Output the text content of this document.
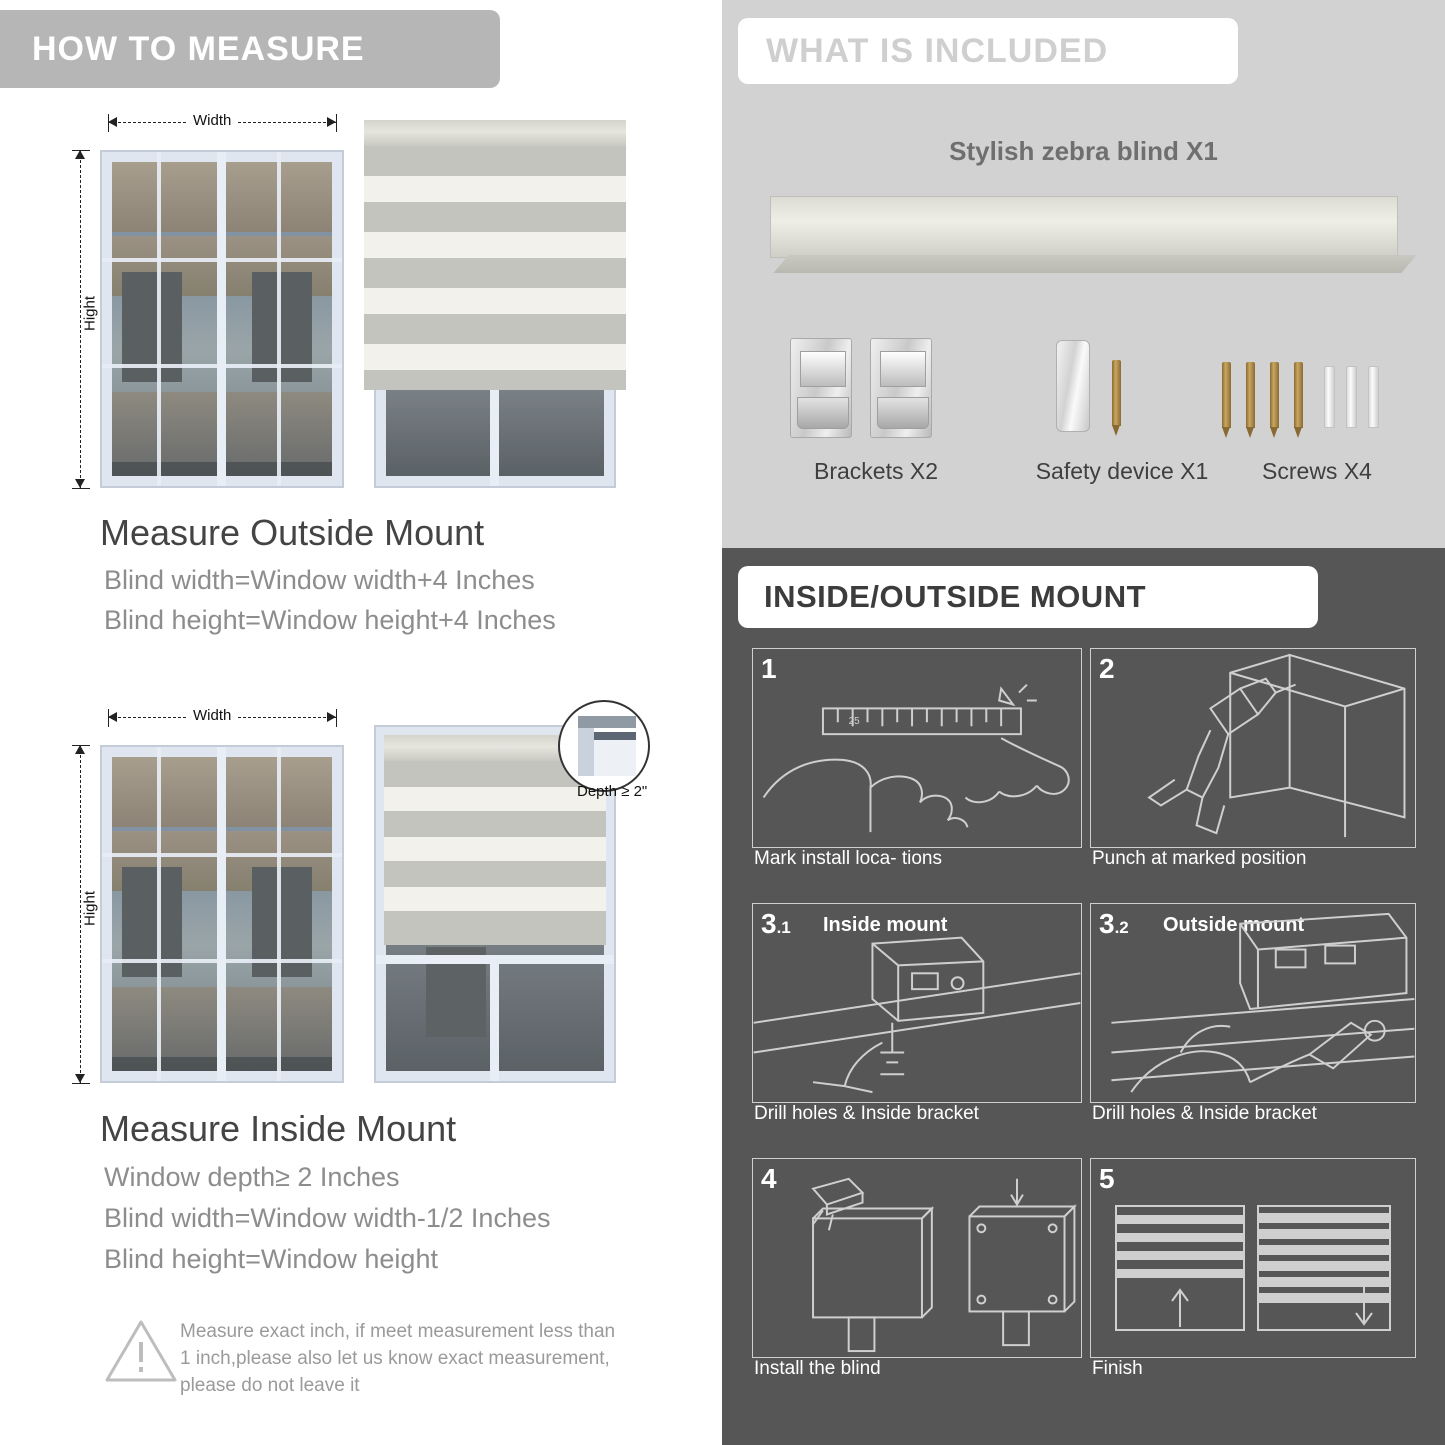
HOW TO MEASURE
Width
Hight
Measure Outside Mount
Blind width=Window width+4 Inches
Blind height=Window height+4 Inches
Width
Hight
Depth ≥ 2"
Measure Inside Mount
Window depth≥ 2 Inches
Blind width=Window width-1/2 Inches
Blind height=Window height
Measure exact inch, if meet measurement less than 1 inch,please also let us know exact measurement, please do not leave it
WHAT IS INCLUDED
Stylish zebra blind X1
Brackets X2	Safety device X1	Screws X4
INSIDE/OUTSIDE MOUNT
1
25
Mark install loca- tions
2
Punch at marked position
3.1 Inside mount
Drill holes & Inside bracket
3.2 Outside mount
Drill holes & Inside bracket
4
Install the blind
5
Finish
